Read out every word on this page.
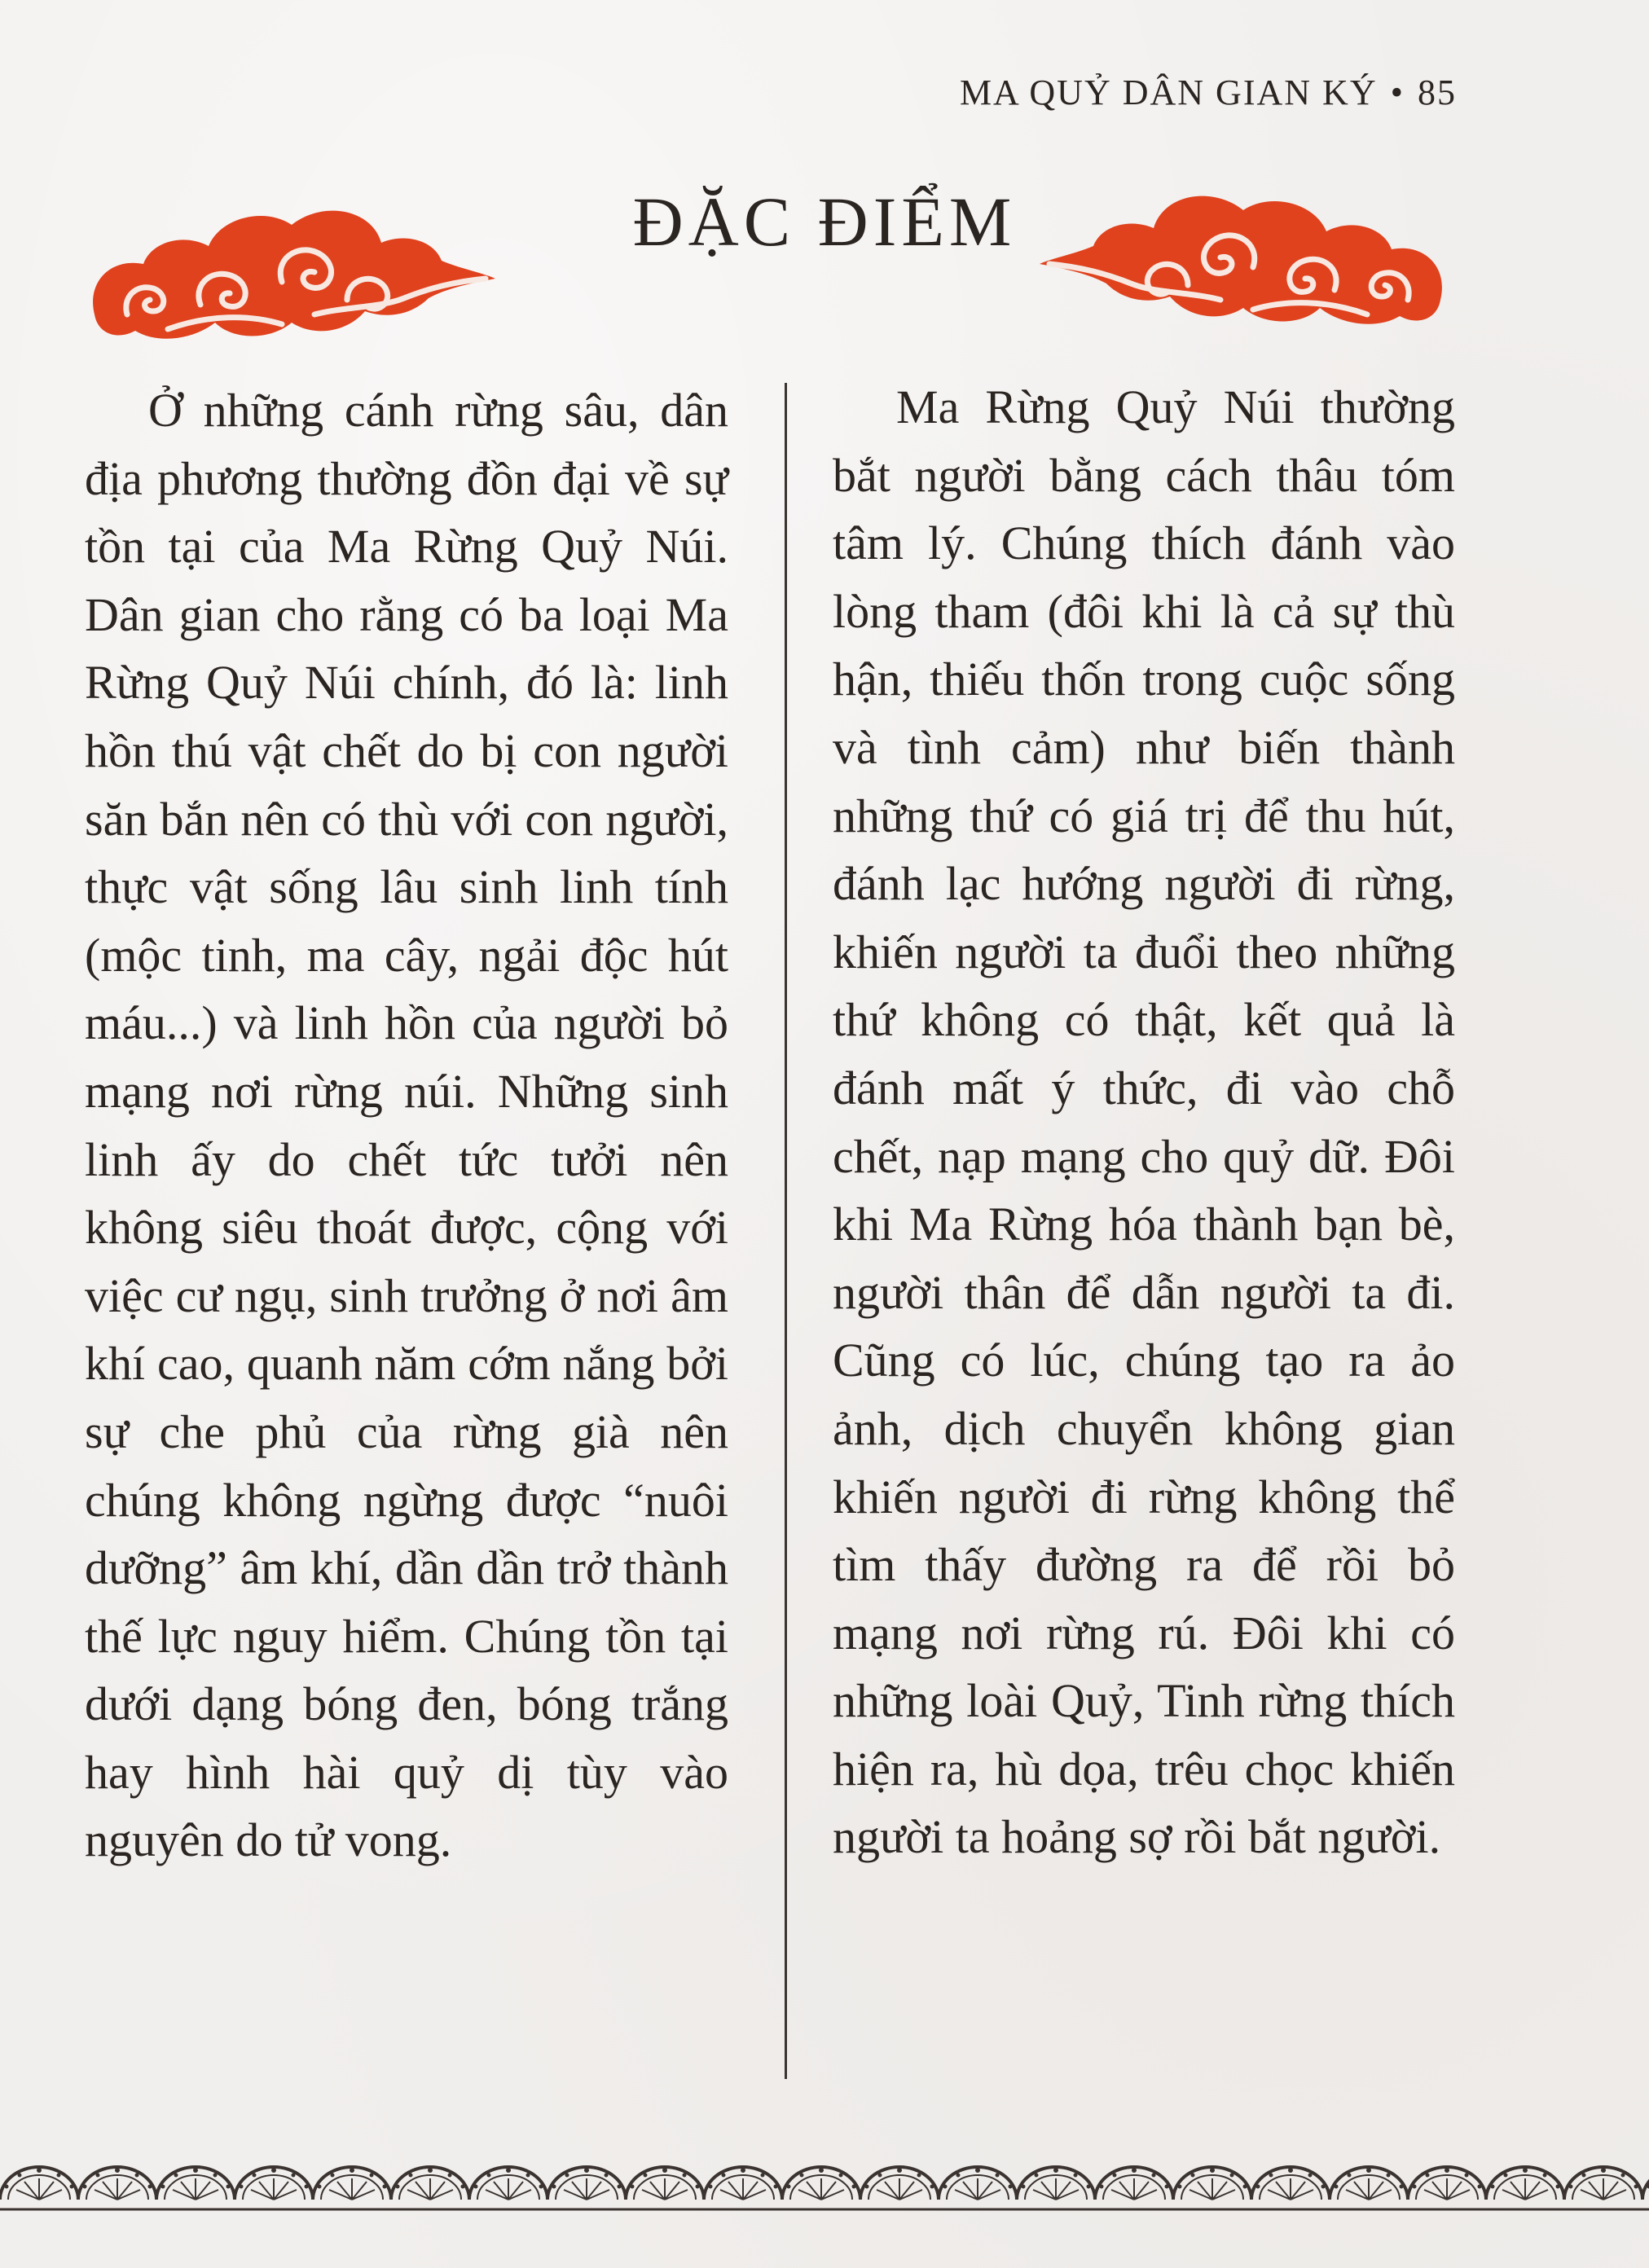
MA QUỶ DÂN GIAN KÝ • 85
ĐẶC ĐIỂM

Ở những cánh rừng sâu, dân địa phương thường đồn đại về sự tồn tại của Ma Rừng Quỷ Núi. Dân gian cho rằng có ba loại Ma Rừng Quỷ Núi chính, đó là: linh hồn thú vật chết do bị con người săn bắn nên có thù với con người, thực vật sống lâu sinh linh tính (mộc tinh, ma cây, ngải độc hút máu...) và linh hồn của người bỏ mạng nơi rừng núi. Những sinh linh ấy do chết tức tưởi nên không siêu thoát được, cộng với việc cư ngụ, sinh trưởng ở nơi âm khí cao, quanh năm cớm nắng bởi sự che phủ của rừng già nên chúng không ngừng được “nuôi dưỡng” âm khí, dần dần trở thành thế lực nguy hiểm. Chúng tồn tại dưới dạng bóng đen, bóng trắng hay hình hài quỷ dị tùy vào nguyên do tử vong.

Ma Rừng Quỷ Núi thường bắt người bằng cách thâu tóm tâm lý. Chúng thích đánh vào lòng tham (đôi khi là cả sự thù hận, thiếu thốn trong cuộc sống và tình cảm) như biến thành những thứ có giá trị để thu hút, đánh lạc hướng người đi rừng, khiến người ta đuổi theo những thứ không có thật, kết quả là đánh mất ý thức, đi vào chỗ chết, nạp mạng cho quỷ dữ. Đôi khi Ma Rừng hóa thành bạn bè, người thân để dẫn người ta đi. Cũng có lúc, chúng tạo ra ảo ảnh, dịch chuyển không gian khiến người đi rừng không thể tìm thấy đường ra để rồi bỏ mạng nơi rừng rú. Đôi khi có những loài Quỷ, Tinh rừng thích hiện ra, hù dọa, trêu chọc khiến người ta hoảng sợ rồi bắt người.
